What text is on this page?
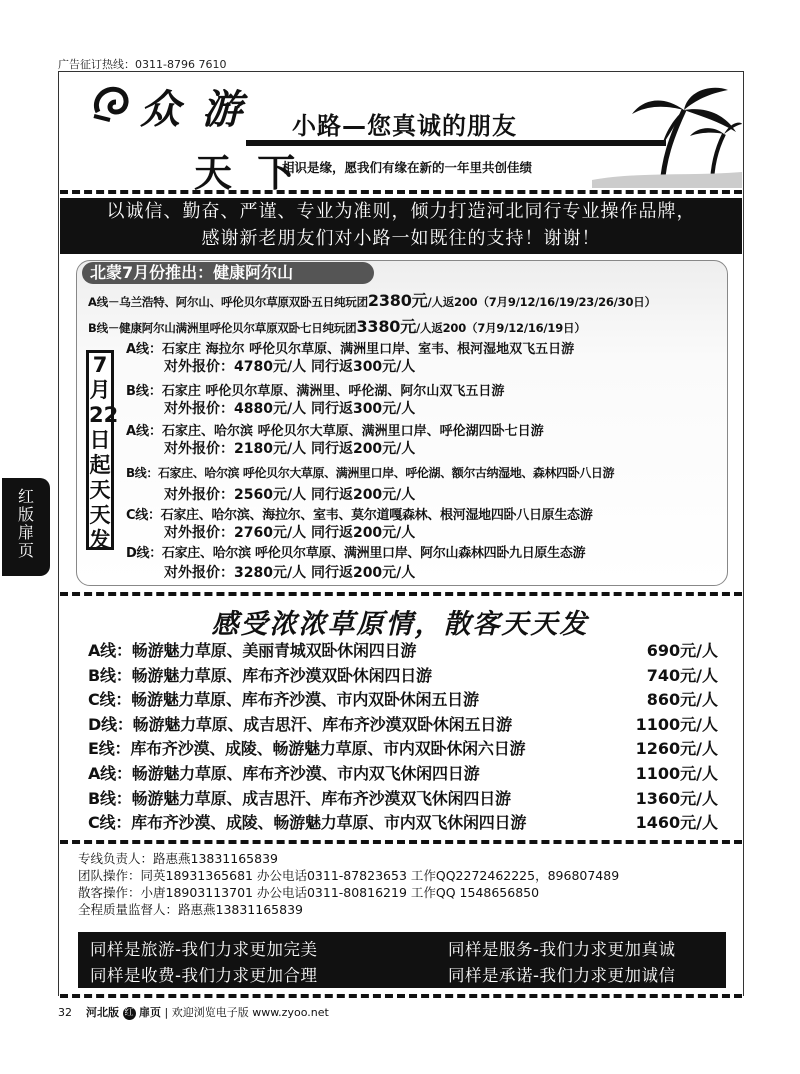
广告征订热线：0311-8796 7610
众 游 小路—您真诚的朋友
天 下
相识是缘，愿我们有缘在新的一年里共创佳绩
以诚信、勤奋、严谨、专业为准则，倾力打造河北同行专业操作品牌，
感谢新老朋友们对小路一如既往的支持！谢谢！
北蒙7月份推出：健康阿尔山
A线－乌兰浩特、阿尔山、呼伦贝尔草原双卧五日纯玩团2380元/人返200（7月9/12/16/19/23/26/30日）
B线－健康阿尔山满洲里呼伦贝尔草原双卧七日纯玩团3380元/人返200（7月9/12/16/19日）
7月22日起天天发
A线：石家庄 海拉尔 呼伦贝尔草原、满洲里口岸、室韦、根河湿地双飞五日游
对外报价：4780元/人 同行返300元/人
B线：石家庄 呼伦贝尔草原、满洲里、呼伦湖、阿尔山双飞五日游
对外报价：4880元/人 同行返300元/人
A线：石家庄、哈尔滨 呼伦贝尔大草原、满洲里口岸、呼伦湖四卧七日游
对外报价：2180元/人 同行返200元/人
B线：石家庄、哈尔滨 呼伦贝尔大草原、满洲里口岸、呼伦湖、额尔古纳湿地、森林四卧八日游
对外报价：2560元/人 同行返200元/人
C线：石家庄、哈尔滨、海拉尔、室韦、莫尔道嘎森林、根河湿地四卧八日原生态游
对外报价：2760元/人 同行返200元/人
D线：石家庄、哈尔滨 呼伦贝尔草原、满洲里口岸、阿尔山森林四卧九日原生态游
对外报价：3280元/人 同行返200元/人
感受浓浓草原情，散客天天发
A线：畅游魅力草原、美丽青城双卧休闲四日游	690元/人
B线：畅游魅力草原、库布齐沙漠双卧休闲四日游	740元/人
C线：畅游魅力草原、库布齐沙漠、市内双卧休闲五日游	860元/人
D线：畅游魅力草原、成吉思汗、库布齐沙漠双卧休闲五日游	1100元/人
E线：库布齐沙漠、成陵、畅游魅力草原、市内双卧休闲六日游	1260元/人
A线：畅游魅力草原、库布齐沙漠、市内双飞休闲四日游	1100元/人
B线：畅游魅力草原、成吉思汗、库布齐沙漠双飞休闲四日游	1360元/人
C线：库布齐沙漠、成陵、畅游魅力草原、市内双飞休闲四日游	1460元/人
专线负责人：路惠燕13831165839
团队操作：同英18931365681 办公电话0311-87823653 工作QQ2272462225，896807489
散客操作：小唐18903113701 办公电话0311-80816219 工作QQ 1548656850
全程质量监督人：路惠燕13831165839
同样是旅游-我们力求更加完美	同样是服务-我们力求更加真诚
同样是收费-我们力求更加合理	同样是承诺-我们力求更加诚信
32 河北版 红 扉页 | 欢迎浏览电子版 www.zyoo.net
红版扉页
